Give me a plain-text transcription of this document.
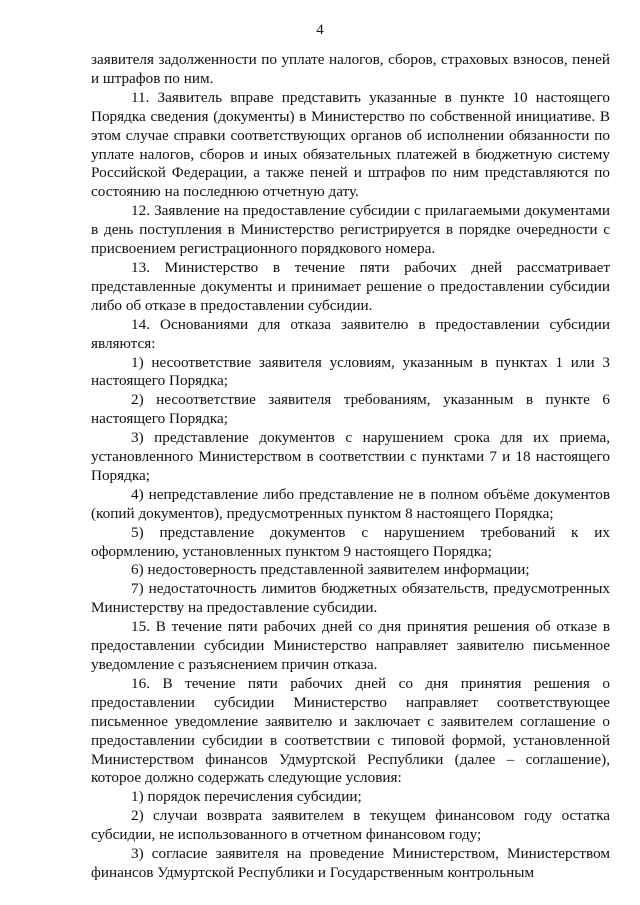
4

заявителя задолженности по уплате налогов, сборов, страховых взносов, пеней и штрафов по ним.

11. Заявитель вправе представить указанные в пункте 10 настоящего Порядка сведения (документы) в Министерство по собственной инициативе. В этом случае справки соответствующих органов об исполнении обязанности по уплате налогов, сборов и иных обязательных платежей в бюджетную систему Российской Федерации, а также пеней и штрафов по ним представляются по состоянию на последнюю отчетную дату.

12. Заявление на предоставление субсидии с прилагаемыми документами в день поступления в Министерство регистрируется в порядке очередности с присвоением регистрационного порядкового номера.

13. Министерство в течение пяти рабочих дней рассматривает представленные документы и принимает решение о предоставлении субсидии либо об отказе в предоставлении субсидии.

14. Основаниями для отказа заявителю в предоставлении субсидии являются:

1) несоответствие заявителя условиям, указанным в пунктах 1 или 3 настоящего Порядка;

2) несоответствие заявителя требованиям, указанным в пункте 6 настоящего Порядка;

3) представление документов с нарушением срока для их приема, установленного Министерством в соответствии с пунктами 7 и 18 настоящего Порядка;

4) непредставление либо представление не в полном объёме документов (копий документов), предусмотренных пунктом 8 настоящего Порядка;

5) представление документов с нарушением требований к их оформлению, установленных пунктом 9 настоящего Порядка;

6) недостоверность представленной заявителем информации;

7) недостаточность лимитов бюджетных обязательств, предусмотренных Министерству на предоставление субсидии.

15. В течение пяти рабочих дней со дня принятия решения об отказе в предоставлении субсидии Министерство направляет заявителю письменное уведомление с разъяснением причин отказа.

16. В течение пяти рабочих дней со дня принятия решения о предоставлении субсидии Министерство направляет соответствующее письменное уведомление заявителю и заключает с заявителем соглашение о предоставлении субсидии в соответствии с типовой формой, установленной Министерством финансов Удмуртской Республики (далее – соглашение), которое должно содержать следующие условия:

1) порядок перечисления субсидии;

2) случаи возврата заявителем в текущем финансовом году остатка субсидии, не использованного в отчетном финансовом году;

3) согласие заявителя на проведение Министерством, Министерством финансов Удмуртской Республики и Государственным контрольным
